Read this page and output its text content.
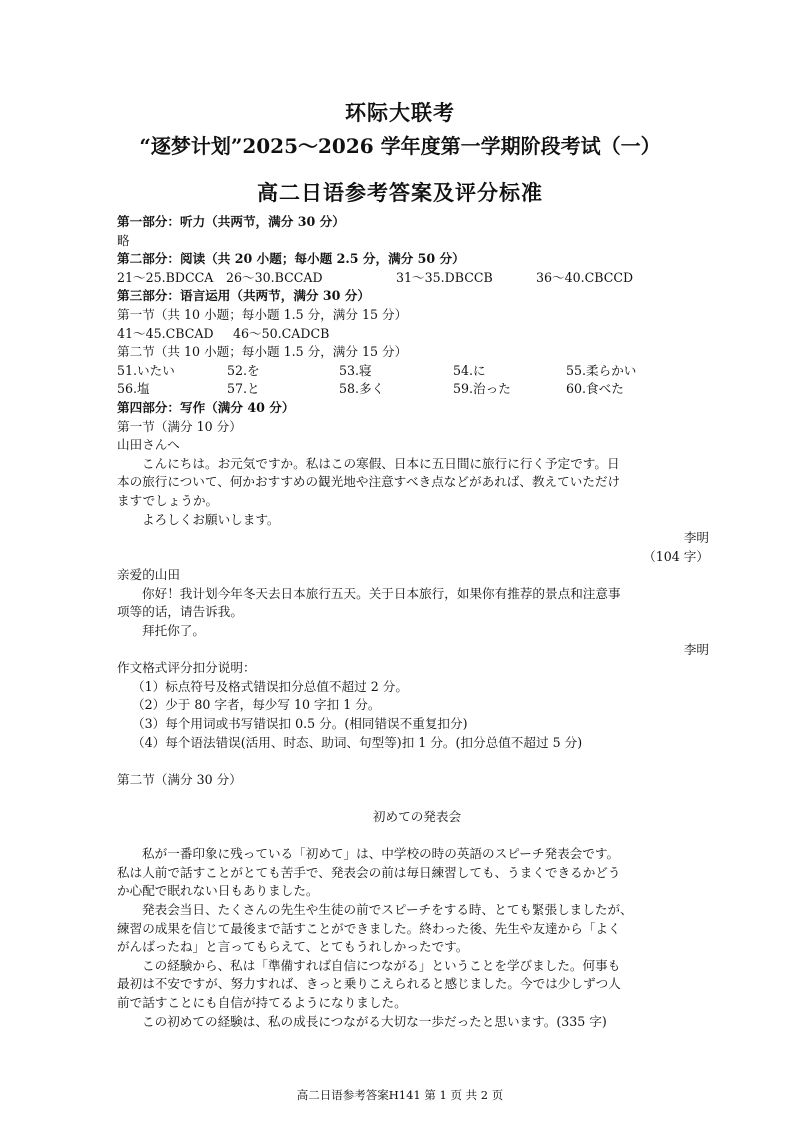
环际大联考
“逐梦计划”2025～2026 学年度第一学期阶段考试（一）
高二日语参考答案及评分标准
第一部分：听力（共两节，满分 30 分）
略
第二部分：阅读（共 20 小题；每小题 2.5 分，满分 50 分）
21～25.BDCCA	26～30.BCCAD	31～35.DBCCB	36～40.CBCCD
第三部分：语言运用（共两节，满分 30 分）
第一节（共 10 小题；每小题 1.5 分，满分 15 分）
41～45.CBCAD	46～50.CADCB
第二节（共 10 小题；每小题 1.5 分，满分 15 分）
51.いたい	52.を	53.寝	54.に	55.柔らかい
56.塩	57.と	58.多く	59.治った	60.食べた
第四部分：写作（满分 40 分）
第一节（满分 10 分）
山田さんへ
こんにちは。お元気ですか。私はこの寒假、日本に五日間に旅行に行く予定です。日
本の旅行について、何かおすすめの観光地や注意すべき点などがあれば、教えていただけ
ますでしょうか。
よろしくお願いします。
李明
（104 字）
亲爱的山田
你好！我计划今年冬天去日本旅行五天。关于日本旅行，如果你有推荐的景点和注意事
项等的话，请告诉我。
拜托你了。
李明
作文格式评分扣分说明：
（1）标点符号及格式错误扣分总值不超过 2 分。
（2）少于 80 字者，每少写 10 字扣 1 分。
（3）每个用词或书写错误扣 0.5 分。(相同错误不重复扣分)
（4）每个语法错误(活用、时态、助词、句型等)扣 1 分。(扣分总值不超过 5 分)
第二节（满分 30 分）
初めての発表会
私が一番印象に残っている「初めて」は、中学校の時の英語のスピーチ発表会です。
私は人前で話すことがとても苦手で、発表会の前は毎日練習しても、うまくできるかどう
か心配で眠れない日もありました。
発表会当日、たくさんの先生や生徒の前でスピーチをする時、とても緊張しましたが、
練習の成果を信じて最後まで話すことができました。終わった後、先生や友達から「よく
がんばったね」と言ってもらえて、とてもうれしかったです。
この経験から、私は「準備すれば自信につながる」ということを学びました。何事も
最初は不安ですが、努力すれば、きっと乗りこえられると感じました。今では少しずつ人
前で話すことにも自信が持てるようになりました。
この初めての経験は、私の成長につながる大切な一歩だったと思います。(335 字)
高二日语参考答案H141 第 1 页 共 2 页
